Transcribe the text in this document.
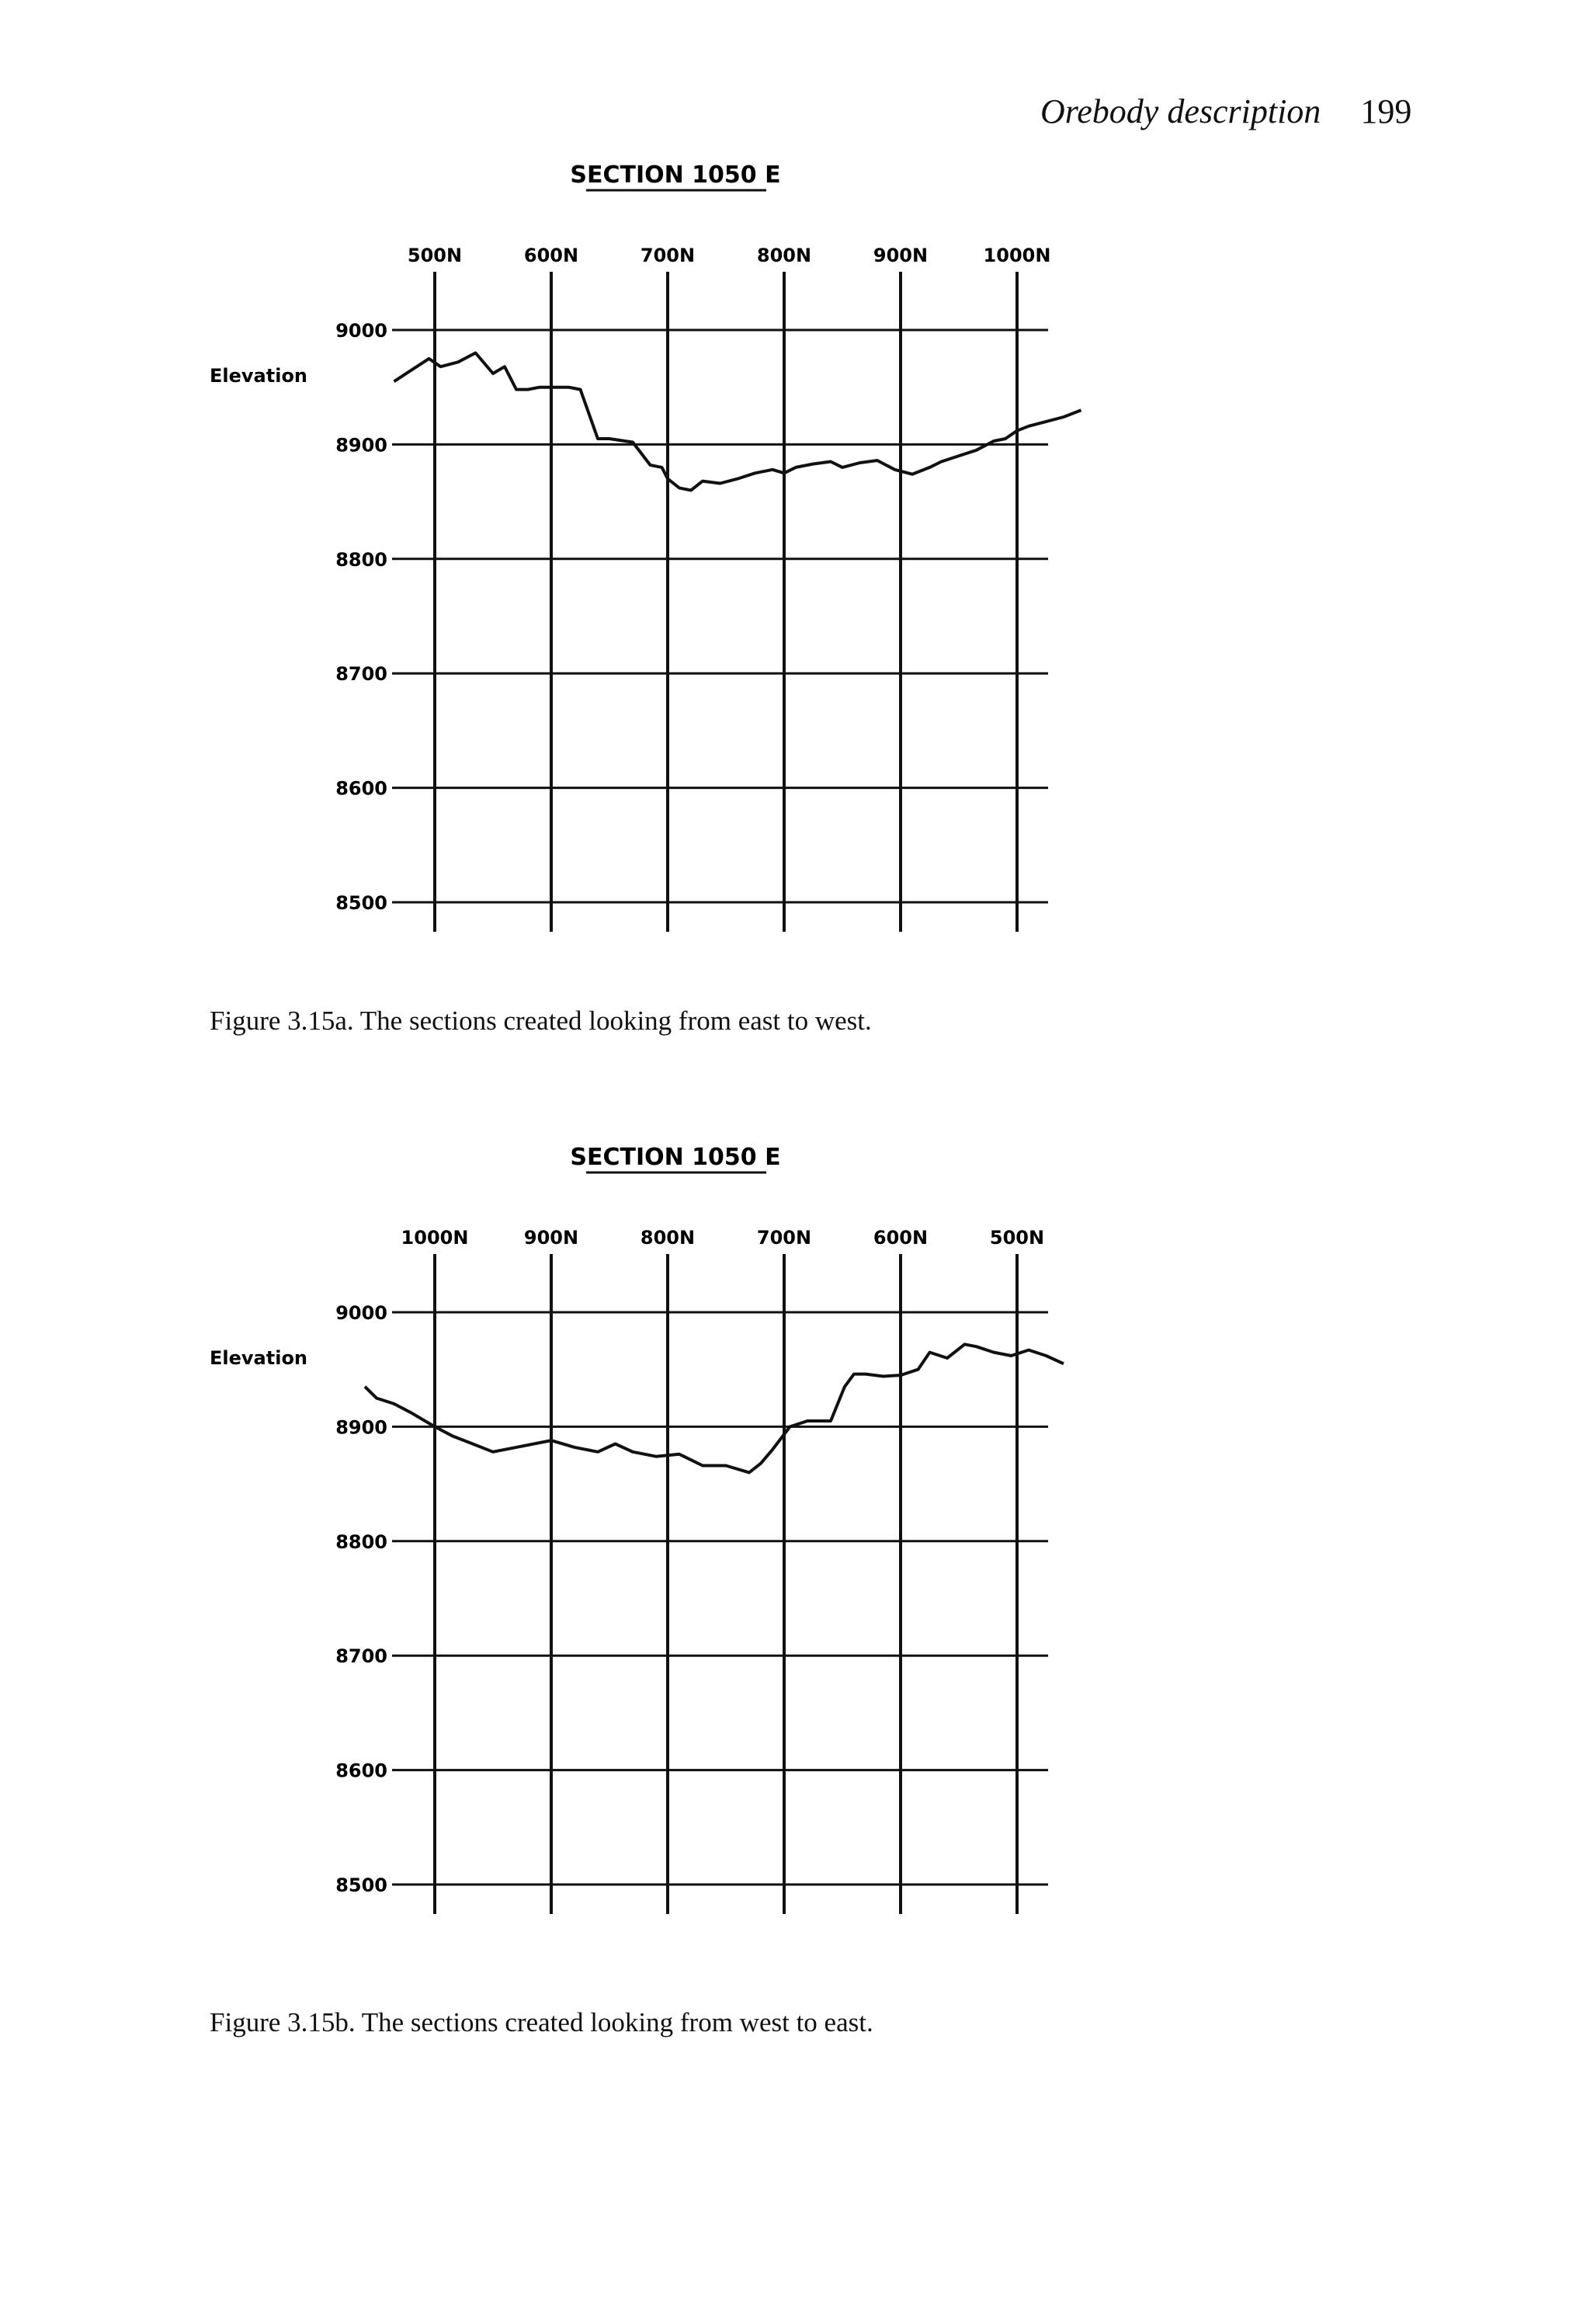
Orebody description 199
SECTION 1050 E
Elevation
9000
8900
8800
8700
8600
8500
500N	600N	700N	800N	900N	1000N
Figure 3.15a. The sections created looking from east to west.
SECTION 1050 E
Elevation
9000
8900
8800
8700
8600
8500
1000N	900N	800N	700N	600N	500N
Figure 3.15b. The sections created looking from west to east.
